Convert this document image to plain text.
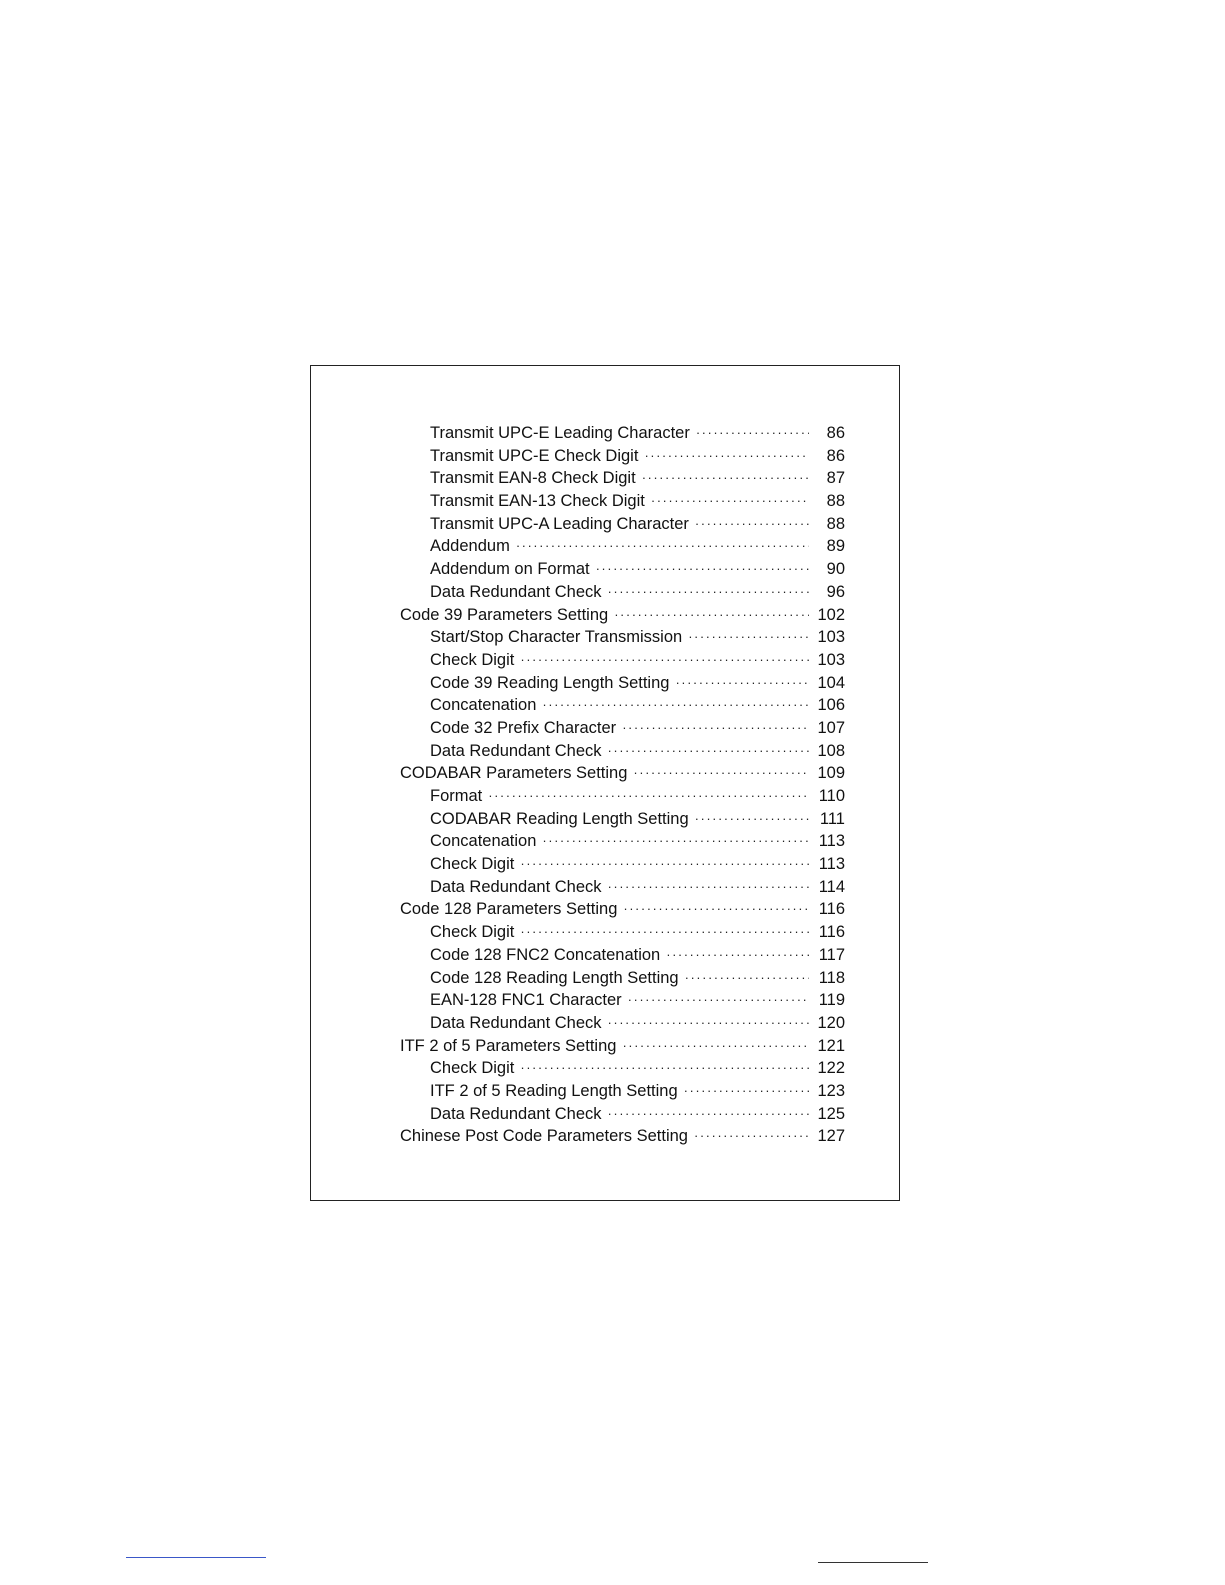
Transmit UPC-E Leading Character ·····	86
Transmit UPC-E Check Digit ·····	86
Transmit EAN-8 Check Digit ·····	87
Transmit EAN-13 Check Digit ·····	88
Transmit UPC-A Leading Character ·····	88
Addendum ·····	89
Addendum on Format ·····	90
Data Redundant Check ·····	96
Code 39 Parameters Setting ·····	102
Start/Stop Character Transmission ·····	103
Check Digit ·····	103
Code 39 Reading Length Setting ·····	104
Concatenation ·····	106
Code 32 Prefix Character ·····	107
Data Redundant Check ·····	108
CODABAR Parameters Setting ·····	109
Format ·····	110
CODABAR Reading Length Setting ·····	111
Concatenation ·····	113
Check Digit ·····	113
Data Redundant Check ·····	114
Code 128 Parameters Setting ·····	116
Check Digit ·····	116
Code 128 FNC2 Concatenation ·····	117
Code 128 Reading Length Setting ·····	118
EAN-128 FNC1 Character ·····	119
Data Redundant Check ·····	120
ITF 2 of 5 Parameters Setting ·····	121
Check Digit ·····	122
ITF 2 of 5 Reading Length Setting ·····	123
Data Redundant Check ·····	125
Chinese Post Code Parameters Setting ·····	127
